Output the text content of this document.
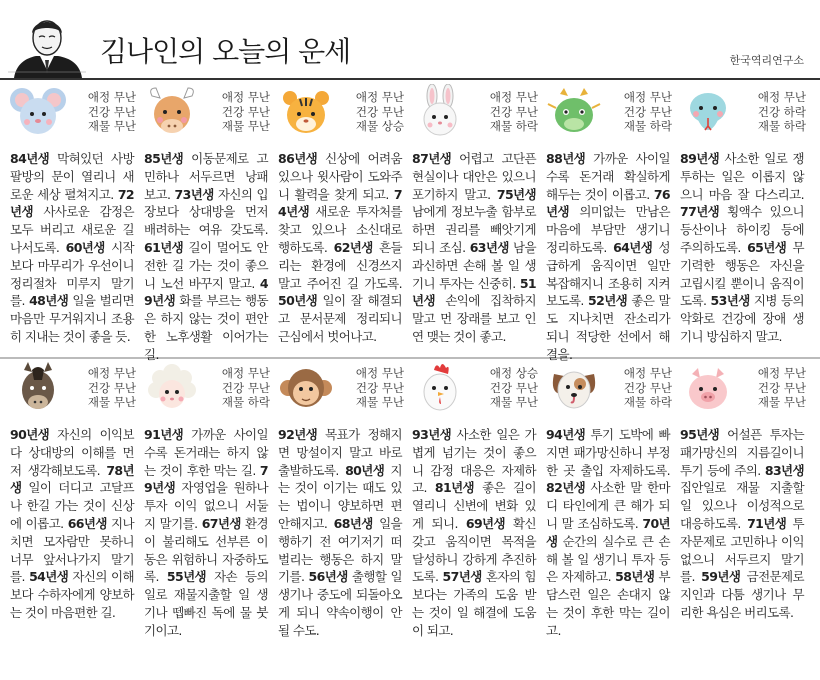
김나인의 오늘의 운세	한국역리연구소
애정 무난
건강 무난
재물 무난
84년생 막혀있던 사방팔방의 문이 열리니 새로운 세상 펼쳐지고. 72년생 사사로운 감정은 모두 버리고 새로운 길 나서도록. 60년생 시작보다 마무리가 우선이니 정리절차 미루지 말기를. 48년생 일을 벌리면 마음만 무거워지니 조용히 지내는 것이 좋을 듯.
애정 무난
건강 무난
재물 무난
85년생 이동문제로 고민하나 서두르면 낭패 보고. 73년생 자신의 입장보다 상대방을 먼저 배려하는 여유 갖도록. 61년생 길이 멀어도 안전한 길 가는 것이 좋으니 노선 바꾸지 말고. 49년생 화를 부르는 행동은 하지 않는 것이 편안한 노후생활 이어가는 길.
애정 무난
건강 무난
재물 상승
86년생 신상에 어려움 있으나 윗사람이 도와주니 활력을 찾게 되고. 74년생 새로운 투자처를 찾고 있으나 소신대로 행하도록. 62년생 흔들리는 환경에 신경쓰지 말고 주어진 길 가도록. 50년생 일이 잘 해결되고 문서문제 정리되니 근심에서 벗어나고.
애정 무난
건강 무난
재물 하락
87년생 어렵고 고단픈 현실이나 대안은 있으니 포기하지 말고. 75년생 남에게 정보누출 함부로 하면 권리를 빼앗기게 되니 조심. 63년생 남을 과신하면 손해 볼 일 생기니 투자는 신중히. 51년생 손익에 집착하지 말고 먼 장래를 보고 인연 맺는 것이 좋고.
애정 무난
건강 무난
재물 하락
88년생 가까운 사이일수록 돈거래 확실하게 해두는 것이 이롭고. 76년생 의미없는 만남은 마음에 부담만 생기니 정리하도록. 64년생 성급하게 움직이면 일만 복잡해지니 조용히 지켜보도록. 52년생 좋은 말도 지나치면 잔소리가 되니 적당한 선에서 해결을.
애정 무난
건강 하락
재물 하락
89년생 사소한 일로 쟁투하는 일은 이롭지 않으니 마음 잘 다스리고. 77년생 횡액수 있으니 등산이나 하이킹 등에 주의하도록. 65년생 무기력한 행동은 자신을 고립시킬 뿐이니 움직이도록. 53년생 지병 등의 악화로 건강에 장애 생기니 방심하지 말고.
애정 무난
건강 무난
재물 무난
90년생 자신의 이익보다 상대방의 이해를 먼저 생각해보도록. 78년생 일이 더디고 고달프나 한길 가는 것이 신상에 이롭고. 66년생 지나치면 모자람만 못하니 너무 앞서나가지 말기를. 54년생 자신의 이해보다 수하자에게 양보하는 것이 마음편한 길.
애정 무난
건강 무난
재물 하락
91년생 가까운 사이일수록 돈거래는 하지 않는 것이 후한 막는 길. 79년생 자영업을 원하나 투자 이익 없으니 서둘지 말기를. 67년생 환경이 불리해도 선부른 이동은 위험하니 자중하도록. 55년생 자손 등의 일로 재물지출할 일 생기나 뗍빠진 독에 물 붓기이고.
애정 무난
건강 무난
재물 무난
92년생 목표가 정해지면 망설이지 말고 바로 출발하도록. 80년생 지는 것이 이기는 때도 있는 법이니 양보하면 편안해지고. 68년생 일을 행하기 전 여기저기 떠벌리는 행동은 하지 말기를. 56년생 출행할 일 생기나 중도에 되돌아오게 되니 약속이행이 안될 수도.
애정 상승
건강 무난
재물 무난
93년생 사소한 일은 가볍게 넘기는 것이 좋으니 감정 대응은 자제하고. 81년생 좋은 길이 열리니 신변에 변화 있게 되니. 69년생 확신 갖고 움직이면 목적을 달성하니 강하게 추진하도록. 57년생 혼자의 힘보다는 가족의 도움 받는 것이 일 해결에 도움이 되고.
애정 무난
건강 무난
재물 하락
94년생 투기 도박에 빠지면 패가망신하니 부정한 곳 출입 자제하도록. 82년생 사소한 말 한마디 타인에게 큰 해가 되니 말 조심하도록. 70년생 순간의 실수로 큰 손해 볼 일 생기니 투자 등은 자제하고. 58년생 부담스런 일은 손대지 않는 것이 후한 막는 길이고.
애정 무난
건강 무난
재물 무난
95년생 어설픈 투자는 패가망신의 지름길이니 투기 등에 주의. 83년생 집안일로 재물 지출할 일 있으나 이성적으로 대응하도록. 71년생 투자문제로 고민하나 이익 없으니 서두르지 말기를. 59년생 금전문제로 지인과 다툼 생기나 무리한 욕심은 버리도록.
